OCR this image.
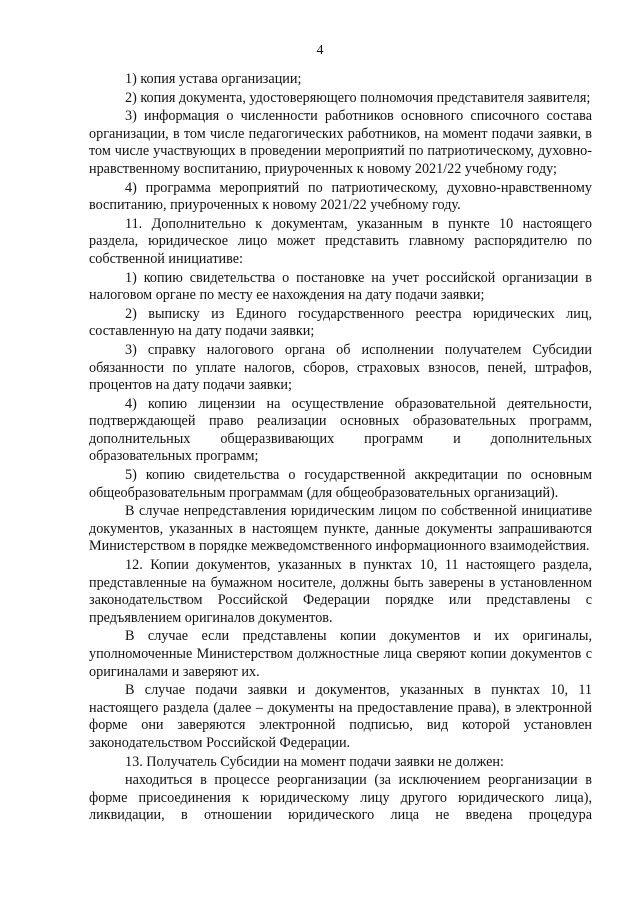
4

1) копия устава организации;

2) копия документа, удостоверяющего полномочия представителя заявителя;

3) информация о численности работников основного списочного состава организации, в том числе педагогических работников, на момент подачи заявки, в том числе участвующих в проведении мероприятий по патриотическому, духовно-нравственному воспитанию, приуроченных к новому 2021/22 учебному году;

4) программа мероприятий по патриотическому, духовно-нравственному воспитанию, приуроченных к новому 2021/22 учебному году.

11. Дополнительно к документам, указанным в пункте 10 настоящего раздела, юридическое лицо может представить главному распорядителю по собственной инициативе:

1) копию свидетельства о постановке на учет российской организации в налоговом органе по месту ее нахождения на дату подачи заявки;

2) выписку из Единого государственного реестра юридических лиц, составленную на дату подачи заявки;

3) справку налогового органа об исполнении получателем Субсидии обязанности по уплате налогов, сборов, страховых взносов, пеней, штрафов, процентов на дату подачи заявки;

4) копию лицензии на осуществление образовательной деятельности, подтверждающей право реализации основных образовательных программ, дополнительных общеразвивающих программ и дополнительных образовательных программ;

5) копию свидетельства о государственной аккредитации по основным общеобразовательным программам (для общеобразовательных организаций).

В случае непредставления юридическим лицом по собственной инициативе документов, указанных в настоящем пункте, данные документы запрашиваются Министерством в порядке межведомственного информационного взаимодействия.

12. Копии документов, указанных в пунктах 10, 11 настоящего раздела, представленные на бумажном носителе, должны быть заверены в установленном законодательством Российской Федерации порядке или представлены с предъявлением оригиналов документов.

В случае если представлены копии документов и их оригиналы, уполномоченные Министерством должностные лица сверяют копии документов с оригиналами и заверяют их.

В случае подачи заявки и документов, указанных в пунктах 10, 11 настоящего раздела (далее – документы на предоставление права), в электронной форме они заверяются электронной подписью, вид которой установлен законодательством Российской Федерации.

13. Получатель Субсидии на момент подачи заявки не должен:

находиться в процессе реорганизации (за исключением реорганизации в форме присоединения к юридическому лицу другого юридического лица), ликвидации, в отношении юридического лица не введена процедура
